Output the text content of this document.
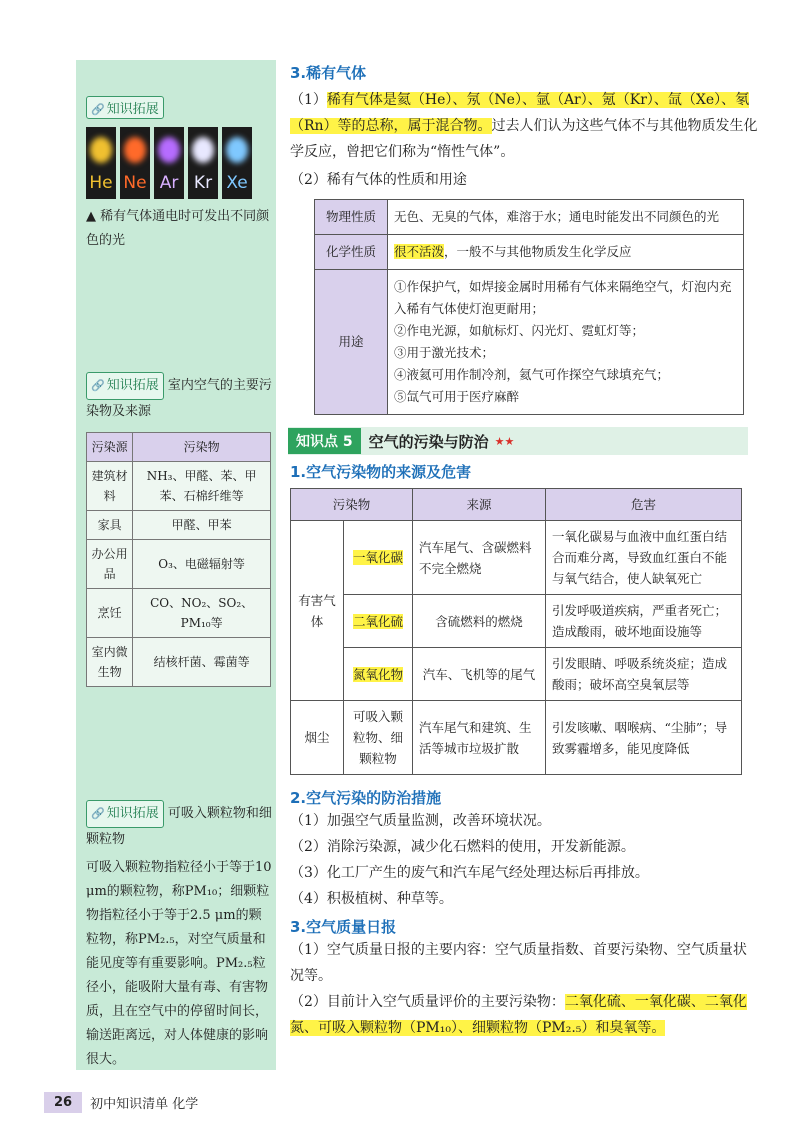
🔗 知识拓展
He Ne Ar Kr Xe
▲ 稀有气体通电时可发出不同颜色的光
🔗 知识拓展 室内空气的主要污染物及来源
污染源	污染物
建筑材料	NH₃、甲醛、苯、甲苯、石棉纤维等
家具	甲醛、甲苯
办公用品	O₃、电磁辐射等
烹饪	CO、NO₂、SO₂、PM₁₀等
室内微生物	结核杆菌、霉菌等
🔗 知识拓展 可吸入颗粒物和细颗粒物
可吸入颗粒物指粒径小于等于10 μm的颗粒物，称PM₁₀；细颗粒物指粒径小于等于2.5 μm的颗粒物，称PM₂.₅，对空气质量和能见度等有重要影响。PM₂.₅粒径小，能吸附大量有毒、有害物质，且在空气中的停留时间长，输送距离远，对人体健康的影响很大。
3.稀有气体
（1）稀有气体是氦（He）、氖（Ne）、氩（Ar）、氪（Kr）、氙（Xe）、氡（Rn）等的总称，属于混合物。过去人们认为这些气体不与其他物质发生化学反应，曾把它们称为“惰性气体”。
（2）稀有气体的性质和用途
物理性质	无色、无臭的气体，难溶于水；通电时能发出不同颜色的光
化学性质	很不活泼，一般不与其他物质发生化学反应
用途	①作保护气，如焊接金属时用稀有气体来隔绝空气，灯泡内充入稀有气体使灯泡更耐用；
②作电光源，如航标灯、闪光灯、霓虹灯等；
③用于激光技术；
④液氦可用作制冷剂，氦气可作探空气球填充气；
⑤氙气可用于医疗麻醉
知识点 5	空气的污染与防治 ★★
1.空气污染物的来源及危害
污染物		来源	危害
有害气体	一氧化碳	汽车尾气、含碳燃料不完全燃烧	一氧化碳易与血液中血红蛋白结合而难分离，导致血红蛋白不能与氧气结合，使人缺氧死亡
	二氧化硫	含硫燃料的燃烧	引发呼吸道疾病，严重者死亡；造成酸雨，破坏地面设施等
	氮氧化物	汽车、飞机等的尾气	引发眼睛、呼吸系统炎症；造成酸雨；破坏高空臭氧层等
烟尘	可吸入颗粒物、细颗粒物	汽车尾气和建筑、生活等城市垃圾扩散	引发咳嗽、咽喉病、“尘肺”；导致雾霾增多，能见度降低
2.空气污染的防治措施
（1）加强空气质量监测，改善环境状况。
（2）消除污染源，减少化石燃料的使用，开发新能源。
（3）化工厂产生的废气和汽车尾气经处理达标后再排放。
（4）积极植树、种草等。
3.空气质量日报
（1）空气质量日报的主要内容：空气质量指数、首要污染物、空气质量状况等。
（2）目前计入空气质量评价的主要污染物：二氧化硫、一氧化碳、二氧化氮、可吸入颗粒物（PM₁₀）、细颗粒物（PM₂.₅）和臭氧等。
26	初中知识清单 化学
